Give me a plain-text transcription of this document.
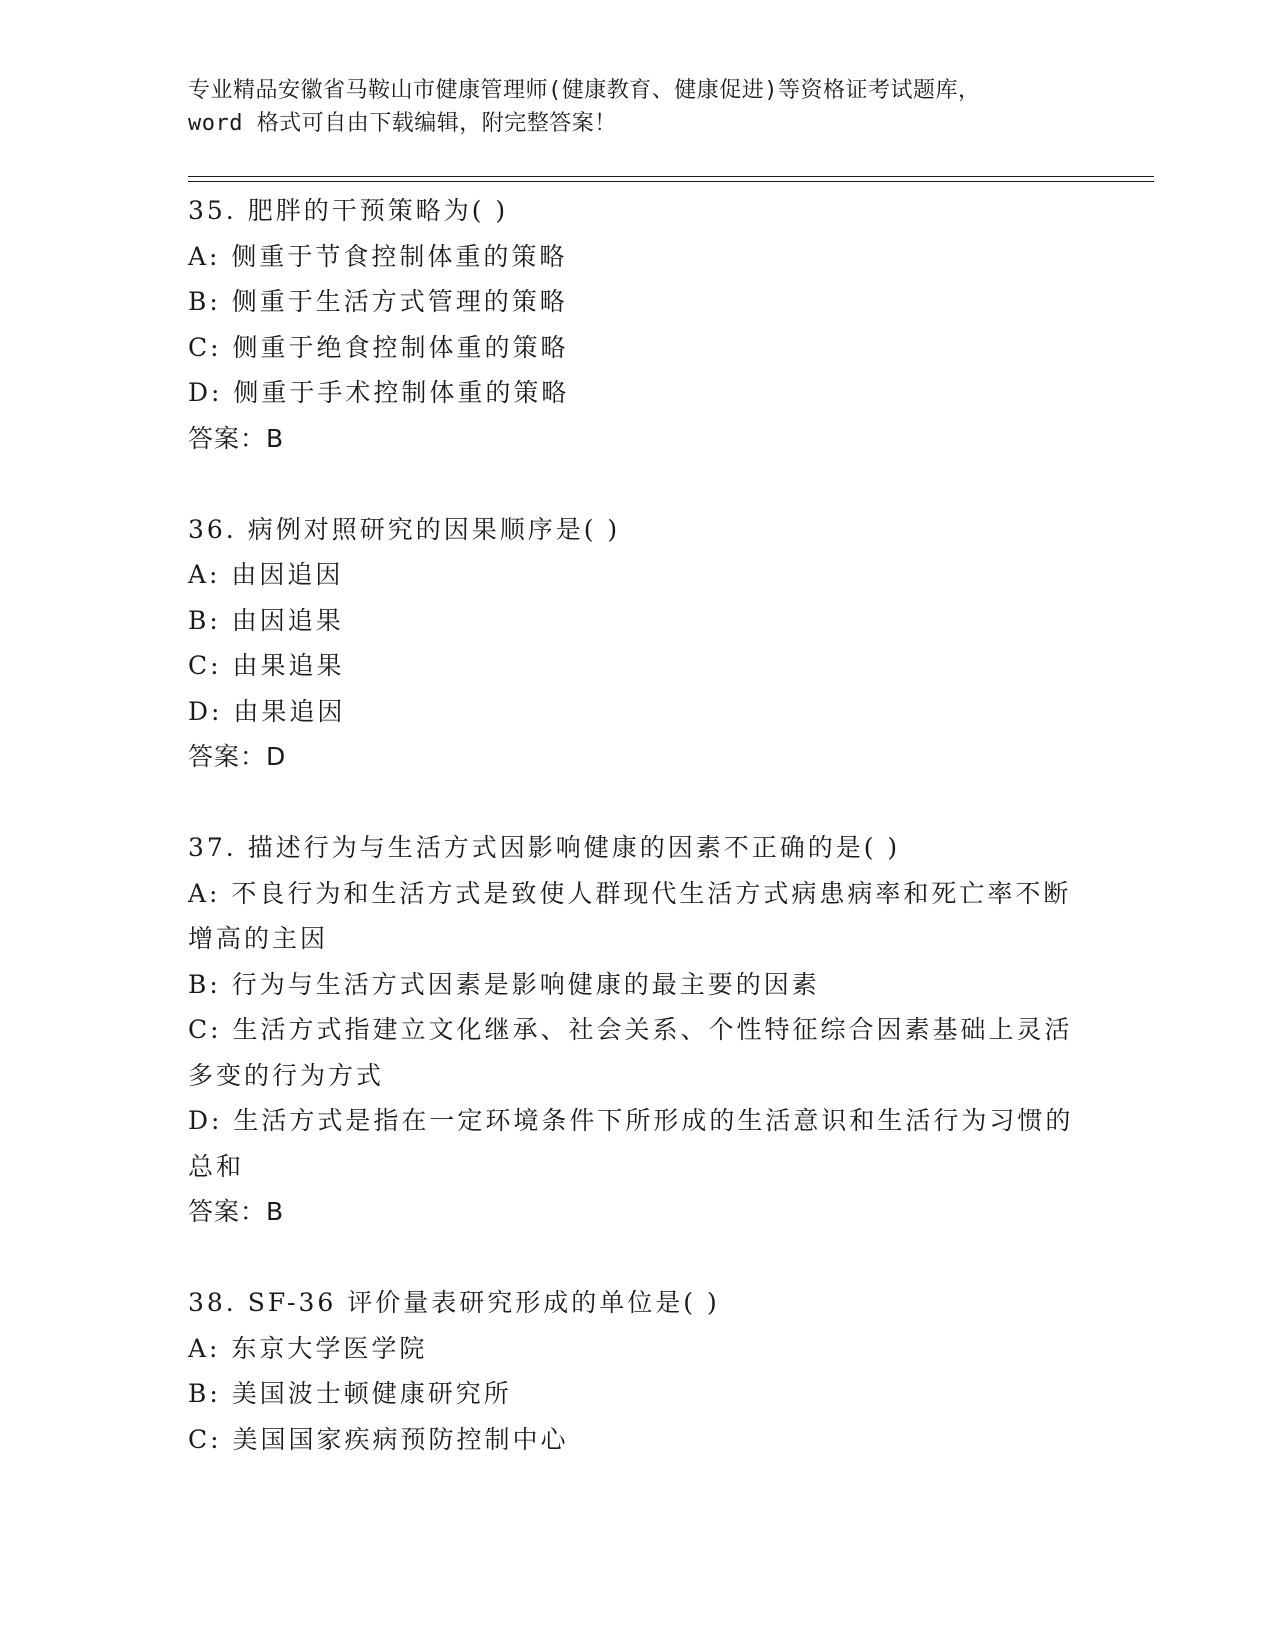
专业精品安徽省马鞍山市健康管理师(健康教育、健康促进)等资格证考试题库，

word 格式可自由下载编辑，附完整答案！

35. 肥胖的干预策略为( )

A: 侧重于节食控制体重的策略

B: 侧重于生活方式管理的策略

C: 侧重于绝食控制体重的策略

D: 侧重于手术控制体重的策略

答案：B

36. 病例对照研究的因果顺序是( )

A: 由因追因

B: 由因追果

C: 由果追果

D: 由果追因

答案：D

37. 描述行为与生活方式因影响健康的因素不正确的是( )

A: 不良行为和生活方式是致使人群现代生活方式病患病率和死亡率不断增高的主因

B: 行为与生活方式因素是影响健康的最主要的因素

C: 生活方式指建立文化继承、社会关系、个性特征综合因素基础上灵活多变的行为方式

D: 生活方式是指在一定环境条件下所形成的生活意识和生活行为习惯的总和

答案：B

38. SF-36 评价量表研究形成的单位是( )

A: 东京大学医学院

B: 美国波士顿健康研究所

C: 美国国家疾病预防控制中心
